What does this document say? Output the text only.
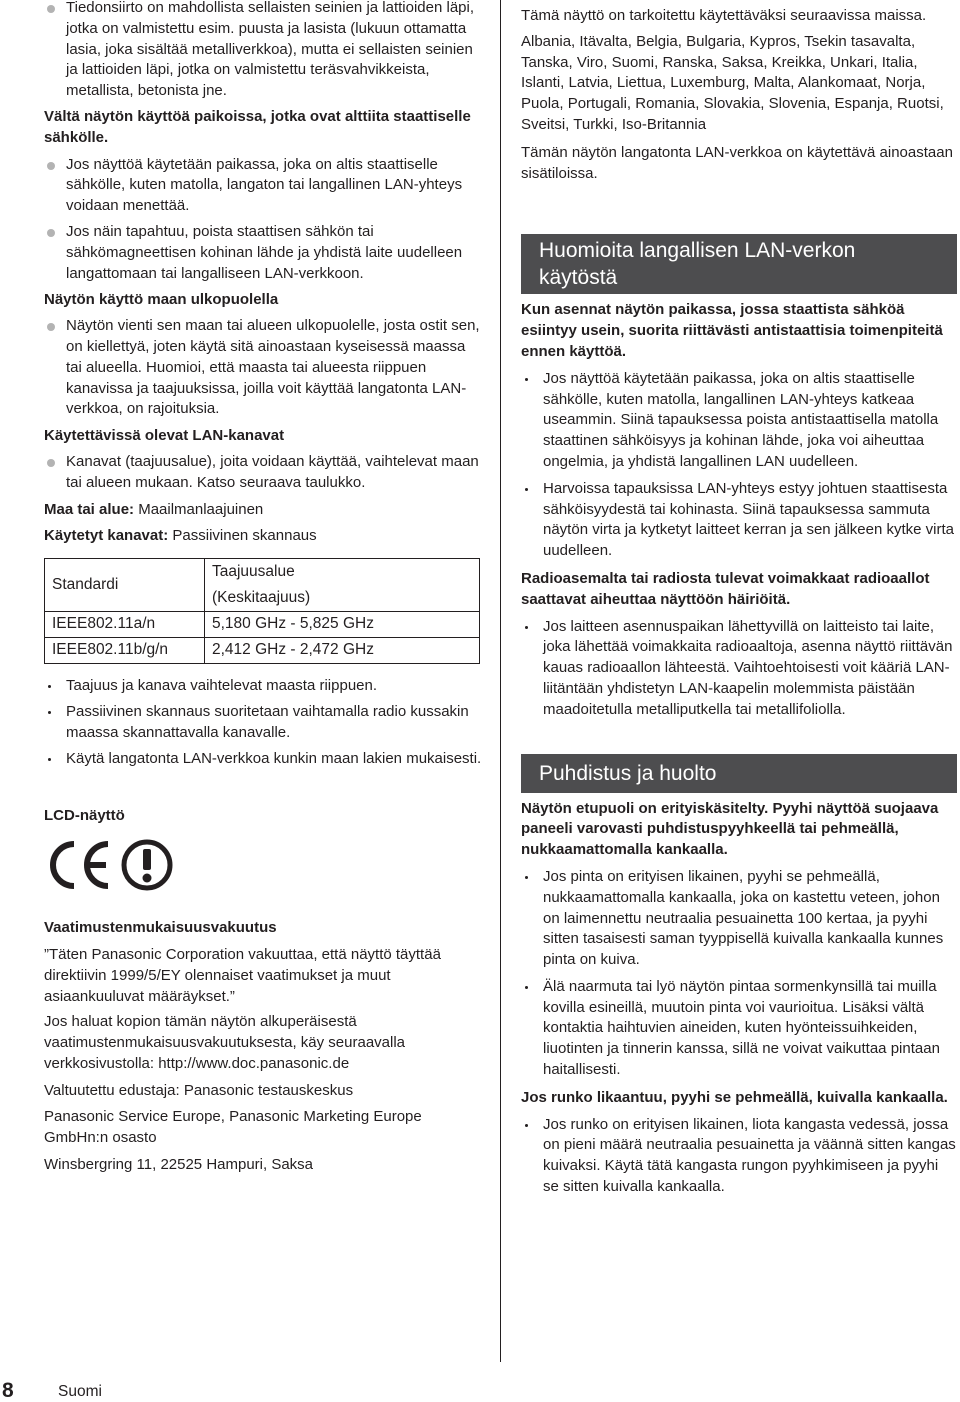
Tiedonsiirto on mahdollista sellaisten seinien ja lattioiden läpi, jotka on valmistettu esim. puusta ja lasista (lukuun ottamatta lasia, joka sisältää metalliverkkoa), mutta ei sellaisten seinien ja lattioiden läpi, jotka on valmistettu teräsvahvikkeista, metallista, betonista jne.

Vältä näytön käyttöä paikoissa, jotka ovat alttiita staattiselle sähkölle.

Jos näyttöä käytetään paikassa, joka on altis staattiselle sähkölle, kuten matolla, langaton tai langallinen LAN-yhteys voidaan menettää.

Jos näin tapahtuu, poista staattisen sähkön tai sähkömagneettisen kohinan lähde ja yhdistä laite uudelleen langattomaan tai langalliseen LAN-verkkoon.

Näytön käyttö maan ulkopuolella

Näytön vienti sen maan tai alueen ulkopuolelle, josta ostit sen, on kiellettyä, joten käytä sitä ainoastaan kyseisessä maassa tai alueella. Huomioi, että maasta tai alueesta riippuen kanavissa ja taajuuksissa, joilla voit käyttää langatonta LAN-verkkoa, on rajoituksia.

Käytettävissä olevat LAN-kanavat

Kanavat (taajuusalue), joita voidaan käyttää, vaihtelevat maan tai alueen mukaan. Katso seuraava taulukko.

Maa tai alue: Maailmanlaajuinen

Käytetyt kanavat: Passiivinen skannaus

Standardi	Taajuusalue
(Keskitaajuus)

IEEE802.11a/n	5,180 GHz - 5,825 GHz
IEEE802.11b/g/n	2,412 GHz - 2,472 GHz

Taajuus ja kanava vaihtelevat maasta riippuen.

Passiivinen skannaus suoritetaan vaihtamalla radio kussakin maassa skannattavalla kanavalle.

Käytä langatonta LAN-verkkoa kunkin maan lakien mukaisesti.

LCD-näyttö

Vaatimustenmukaisuusvakuutus

”Täten Panasonic Corporation vakuuttaa, että näyttö täyttää direktiivin 1999/5/EY olennaiset vaatimukset ja muut asiaankuuluvat määräykset.”

Jos haluat kopion tämän näytön alkuperäisestä vaatimustenmukaisuusvakuutuksesta, käy seuraavalla verkkosivustolla: http://www.doc.panasonic.de

Valtuutettu edustaja: Panasonic testauskeskus

Panasonic Service Europe, Panasonic Marketing Europe GmbHn:n osasto

Winsbergring 11, 22525 Hampuri, Saksa

Tämä näyttö on tarkoitettu käytettäväksi seuraavissa maissa.

Albania, Itävalta, Belgia, Bulgaria, Kypros, Tsekin tasavalta, Tanska, Viro, Suomi, Ranska, Saksa, Kreikka, Unkari, Italia, Islanti, Latvia, Liettua, Luxemburg, Malta, Alankomaat, Norja, Puola, Portugali, Romania, Slovakia, Slovenia, Espanja, Ruotsi, Sveitsi, Turkki, Iso-Britannia

Tämän näytön langatonta LAN-verkkoa on käytettävä ainoastaan sisätiloissa.

Huomioita langallisen LAN-verkon käytöstä

Kun asennat näytön paikassa, jossa staattista sähköä esiintyy usein, suorita riittävästi antistaattisia toimenpiteitä ennen käyttöä.

Jos näyttöä käytetään paikassa, joka on altis staattiselle sähkölle, kuten matolla, langallinen LAN-yhteys katkeaa useammin. Siinä tapauksessa poista antistaattisella matolla staattinen sähköisyys ja kohinan lähde, joka voi aiheuttaa ongelmia, ja yhdistä langallinen LAN uudelleen.

Harvoissa tapauksissa LAN-yhteys estyy johtuen staattisesta sähköisyydestä tai kohinasta. Siinä tapauksessa sammuta näytön virta ja kytketyt laitteet kerran ja sen jälkeen kytke virta uudelleen.

Radioasemalta tai radiosta tulevat voimakkaat radioaallot saattavat aiheuttaa näyttöön häiriöitä.

Jos laitteen asennuspaikan lähettyvillä on laitteisto tai laite, joka lähettää voimakkaita radioaaltoja, asenna näyttö riittävän kauas radioaallon lähteestä. Vaihtoehtoisesti voit kääriä LAN-liitäntään yhdistetyn LAN-kaapelin molemmista päistään maadoitetulla metalliputkella tai metallifoliolla.

Puhdistus ja huolto

Näytön etupuoli on erityiskäsitelty. Pyyhi näyttöä suojaava paneeli varovasti puhdistuspyyhkeellä tai pehmeällä, nukkaamattomalla kankaalla.

Jos pinta on erityisen likainen, pyyhi se pehmeällä, nukkaamattomalla kankaalla, joka on kastettu veteen, johon on laimennettu neutraalia pesuainetta 100 kertaa, ja pyyhi sitten tasaisesti saman tyyppisellä kuivalla kankaalla kunnes pinta on kuiva.

Älä naarmuta tai lyö näytön pintaa sormenkynsillä tai muilla kovilla esineillä, muutoin pinta voi vaurioitua. Lisäksi vältä kontaktia haihtuvien aineiden, kuten hyönteissuihkeiden, liuotinten ja tinnerin kanssa, sillä ne voivat vaikuttaa pintaan haitallisesti.

Jos runko likaantuu, pyyhi se pehmeällä, kuivalla kankaalla.

Jos runko on erityisen likainen, liota kangasta vedessä, jossa on pieni määrä neutraalia pesuainetta ja väännä sitten kangas kuivaksi. Käytä tätä kangasta rungon pyyhkimiseen ja pyyhi se sitten kuivalla kankaalla.

8	Suomi
